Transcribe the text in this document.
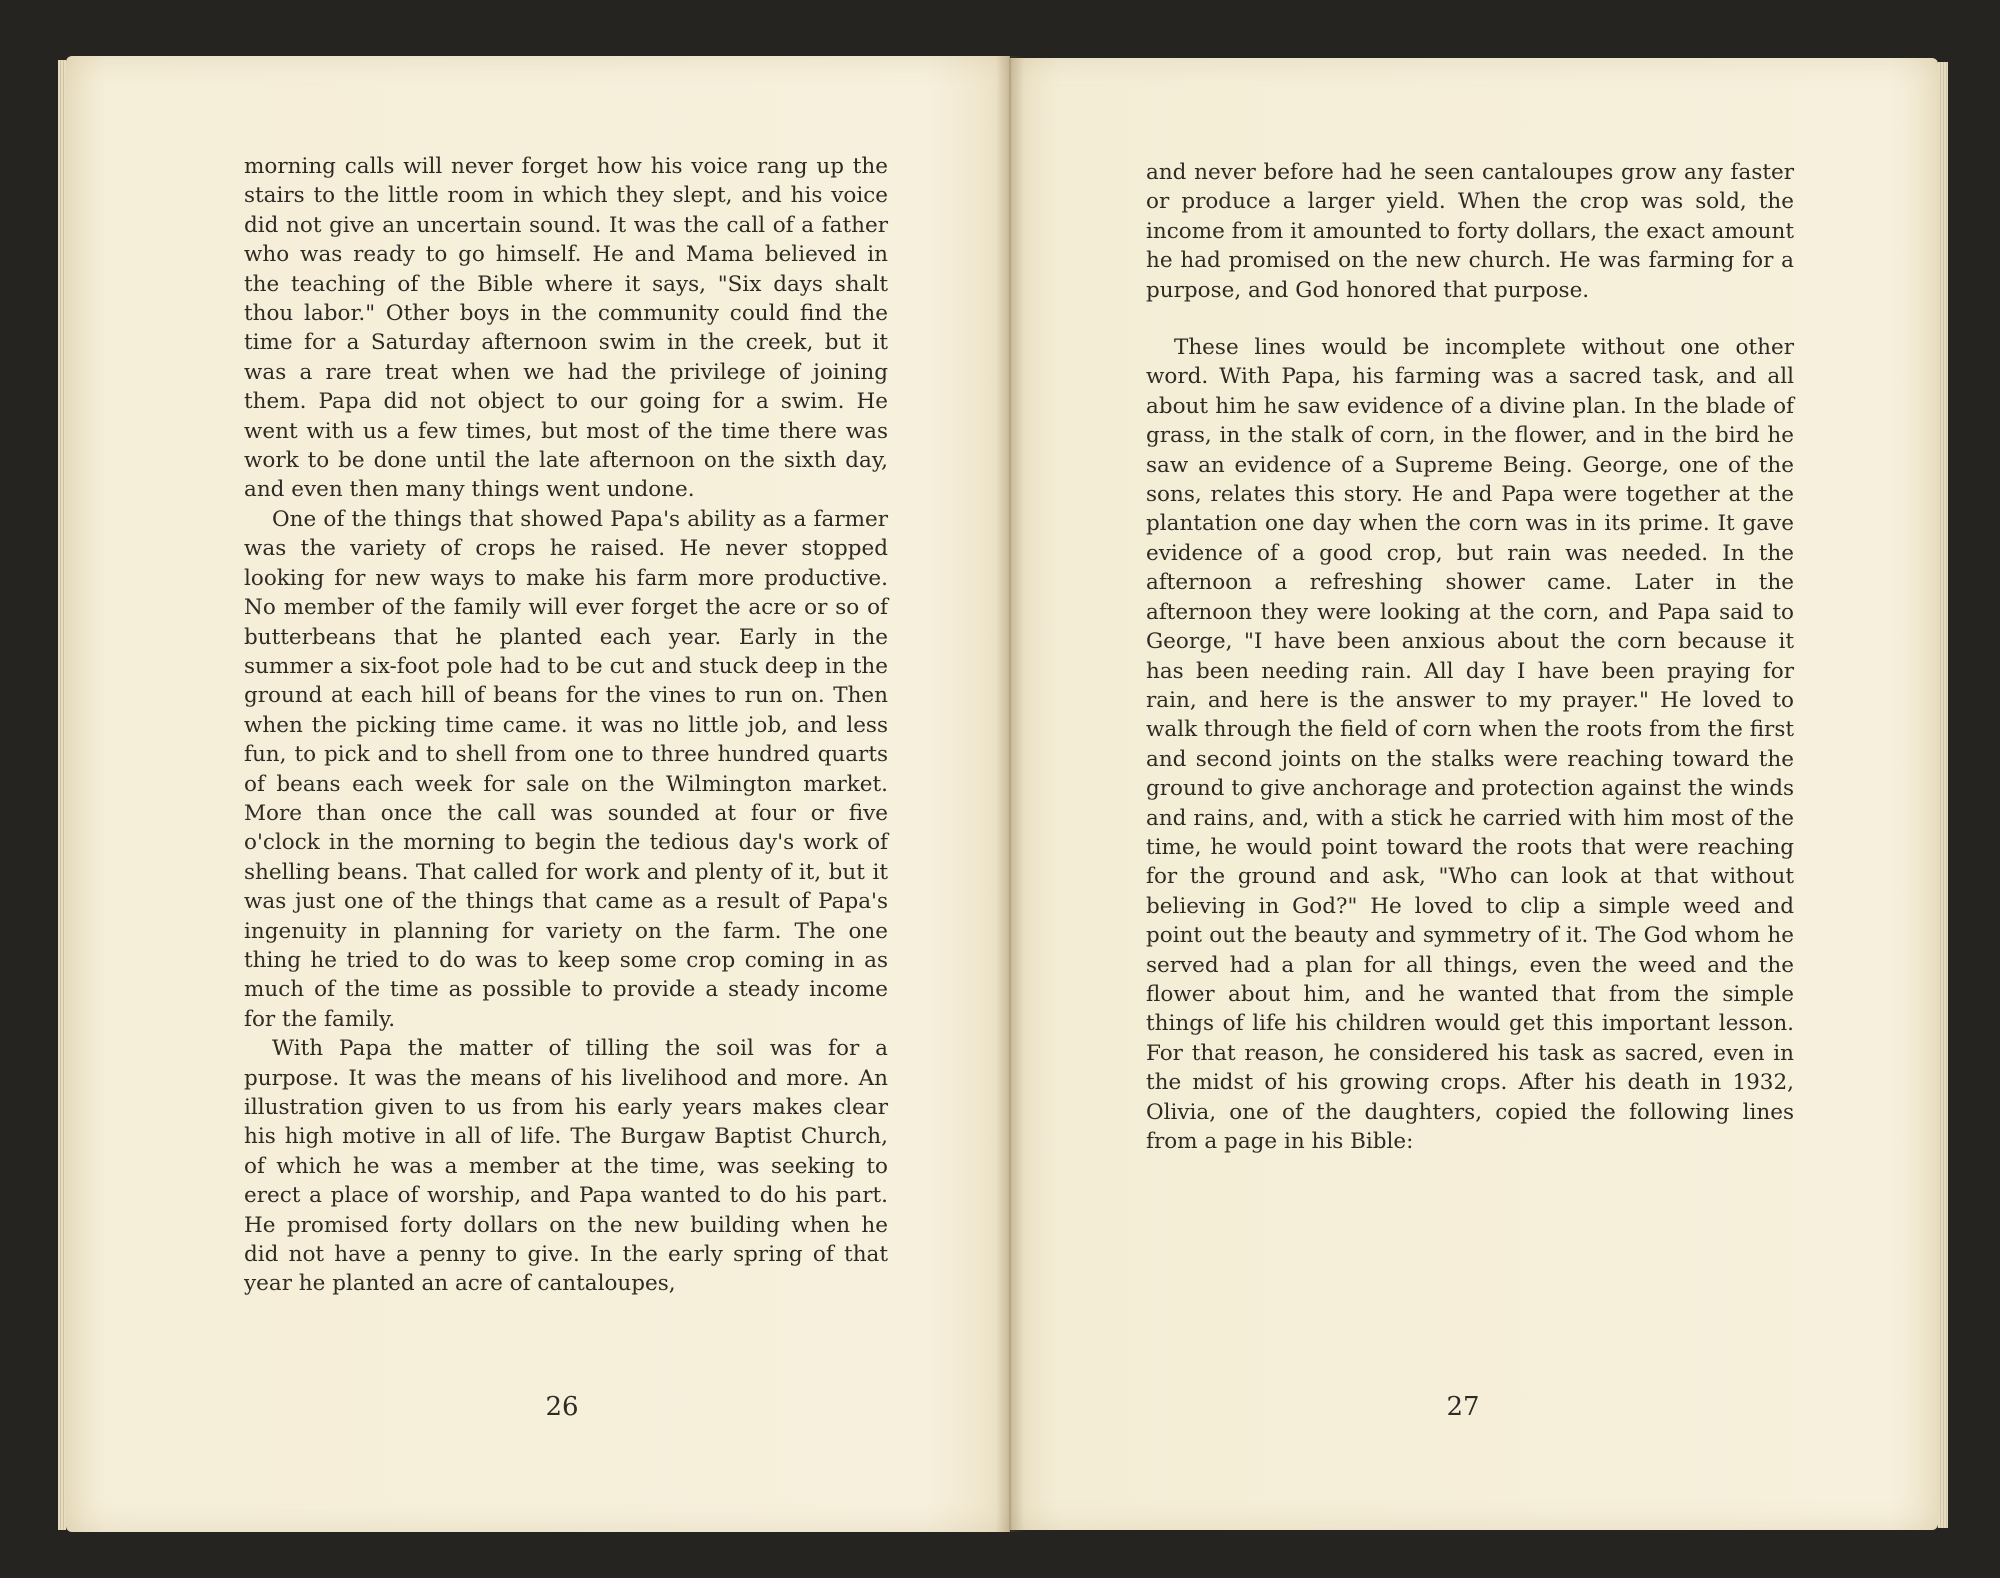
morning calls will never forget how his voice rang up the stairs to the little room in which they slept, and his voice did not give an uncertain sound. It was the call of a father who was ready to go himself. He and Mama believed in the teaching of the Bible where it says, "Six days shalt thou labor." Other boys in the community could find the time for a Saturday afternoon swim in the creek, but it was a rare treat when we had the privilege of joining them. Papa did not object to our going for a swim. He went with us a few times, but most of the time there was work to be done until the late afternoon on the sixth day, and even then many things went undone.

One of the things that showed Papa's ability as a farmer was the variety of crops he raised. He never stopped looking for new ways to make his farm more productive. No member of the family will ever forget the acre or so of butterbeans that he planted each year. Early in the summer a six-foot pole had to be cut and stuck deep in the ground at each hill of beans for the vines to run on. Then when the picking time came. it was no little job, and less fun, to pick and to shell from one to three hundred quarts of beans each week for sale on the Wilmington market. More than once the call was sounded at four or five o'clock in the morning to begin the tedious day's work of shelling beans. That called for work and plenty of it, but it was just one of the things that came as a result of Papa's ingenuity in planning for variety on the farm. The one thing he tried to do was to keep some crop coming in as much of the time as possible to provide a steady income for the family.

With Papa the matter of tilling the soil was for a purpose. It was the means of his livelihood and more. An illustration given to us from his early years makes clear his high motive in all of life. The Burgaw Baptist Church, of which he was a member at the time, was seeking to erect a place of worship, and Papa wanted to do his part. He promised forty dollars on the new building when he did not have a penny to give. In the early spring of that year he planted an acre of cantaloupes,

26

and never before had he seen cantaloupes grow any faster or produce a larger yield. When the crop was sold, the income from it amounted to forty dollars, the exact amount he had promised on the new church. He was farming for a purpose, and God honored that purpose.

These lines would be incomplete without one other word. With Papa, his farming was a sacred task, and all about him he saw evidence of a divine plan. In the blade of grass, in the stalk of corn, in the flower, and in the bird he saw an evidence of a Supreme Being. George, one of the sons, relates this story. He and Papa were together at the plantation one day when the corn was in its prime. It gave evidence of a good crop, but rain was needed. In the afternoon a refreshing shower came. Later in the afternoon they were looking at the corn, and Papa said to George, "I have been anxious about the corn because it has been needing rain. All day I have been praying for rain, and here is the answer to my prayer." He loved to walk through the field of corn when the roots from the first and second joints on the stalks were reaching toward the ground to give anchorage and protection against the winds and rains, and, with a stick he carried with him most of the time, he would point toward the roots that were reaching for the ground and ask, "Who can look at that without believing in God?" He loved to clip a simple weed and point out the beauty and symmetry of it. The God whom he served had a plan for all things, even the weed and the flower about him, and he wanted that from the simple things of life his children would get this important lesson. For that reason, he considered his task as sacred, even in the midst of his growing crops. After his death in 1932, Olivia, one of the daughters, copied the following lines from a page in his Bible:

27
